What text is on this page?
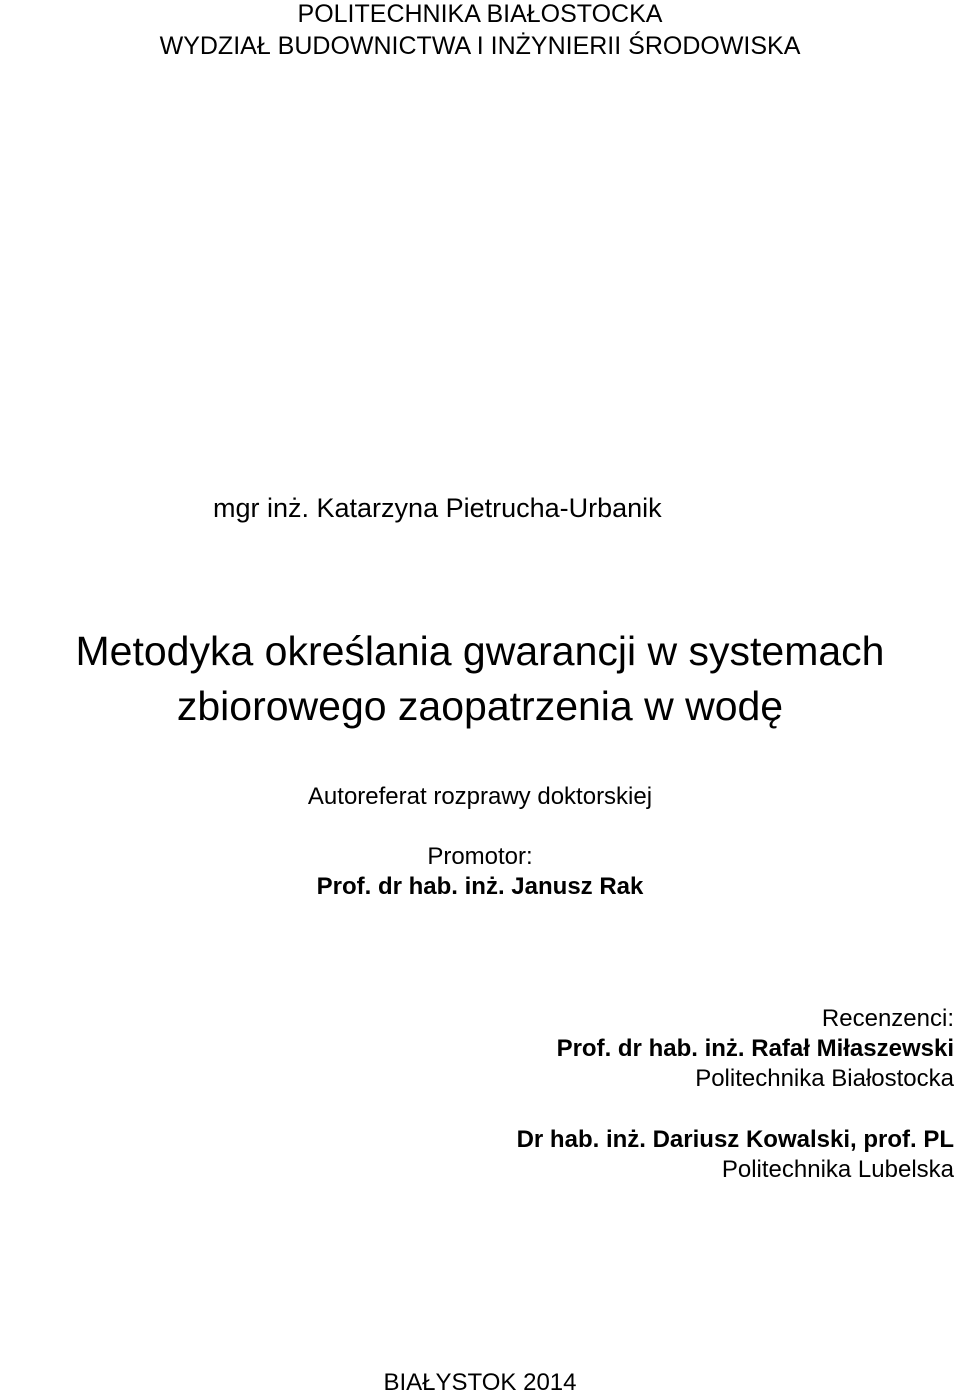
POLITECHNIKA BIAŁOSTOCKA
WYDZIAŁ BUDOWNICTWA I INŻYNIERII ŚRODOWISKA
mgr inż. Katarzyna Pietrucha-Urbanik
Metodyka określania gwarancji w systemach
zbiorowego zaopatrzenia w wodę
Autoreferat rozprawy doktorskiej
Promotor:
Prof. dr hab. inż. Janusz Rak
Recenzenci:
Prof. dr hab. inż. Rafał Miłaszewski
Politechnika Białostocka
Dr hab. inż. Dariusz Kowalski, prof. PL
Politechnika Lubelska
BIAŁYSTOK 2014
